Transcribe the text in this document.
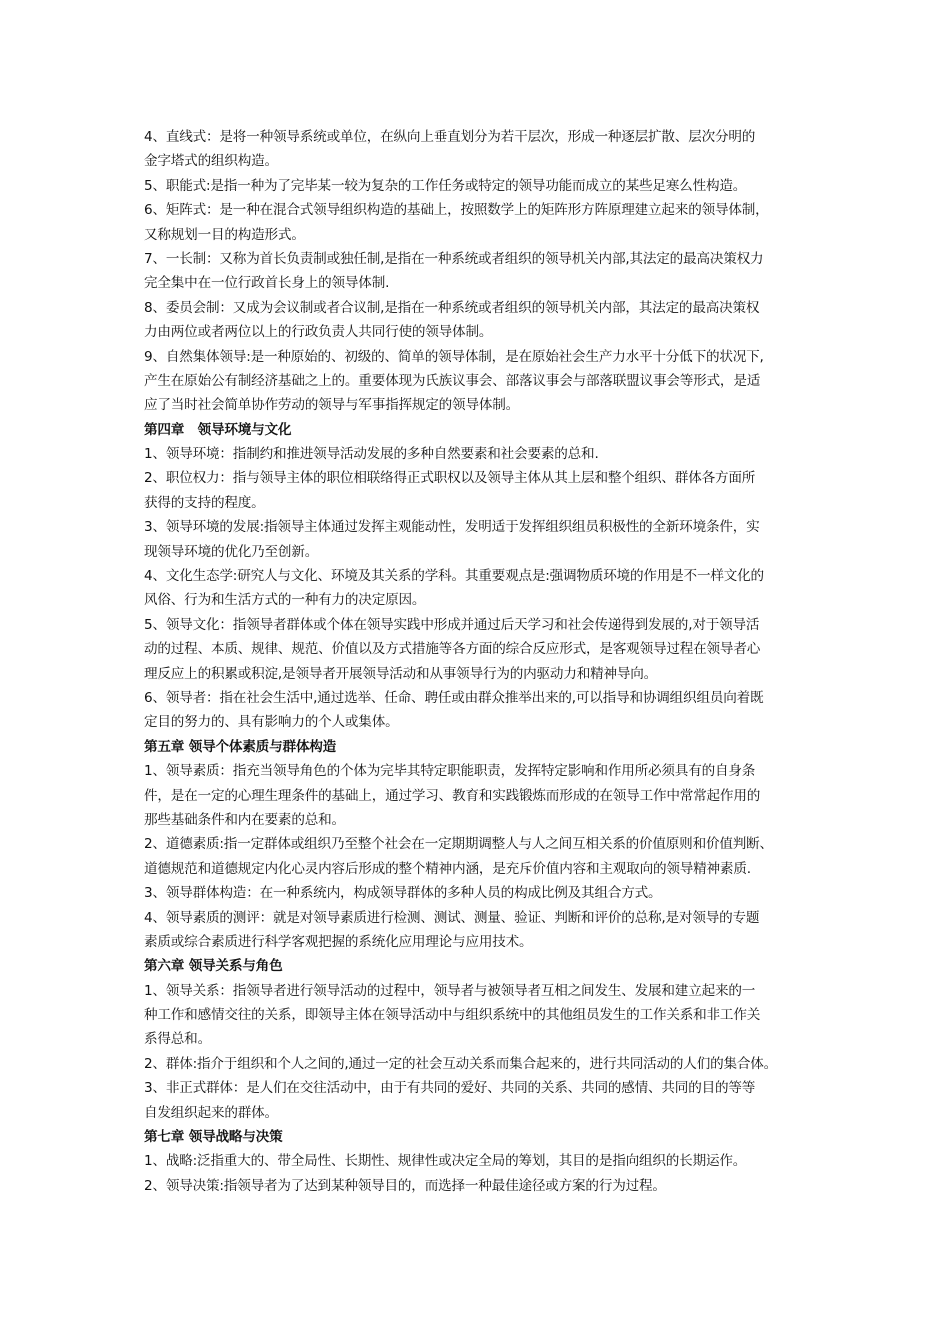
4、直线式：是将一种领导系统或单位，在纵向上垂直划分为若干层次，形成一种逐层扩散、层次分明的
金字塔式的组织构造。
5、职能式:是指一种为了完毕某一较为复杂的工作任务或特定的领导功能而成立的某些足寒么性构造。
6、矩阵式：是一种在混合式领导组织构造的基础上，按照数学上的矩阵形方阵原理建立起来的领导体制，
又称规划一目的构造形式。
7、一长制：又称为首长负责制或独任制,是指在一种系统或者组织的领导机关内部,其法定的最高决策权力
完全集中在一位行政首长身上的领导体制.
8、委员会制：又成为会议制或者合议制,是指在一种系统或者组织的领导机关内部，其法定的最高决策权
力由两位或者两位以上的行政负责人共同行使的领导体制。
9、自然集体领导:是一种原始的、初级的、简单的领导体制，是在原始社会生产力水平十分低下的状况下,
产生在原始公有制经济基础之上的。重要体现为氏族议事会、部落议事会与部落联盟议事会等形式，是适
应了当时社会简单协作劳动的领导与军事指挥规定的领导体制。
第四章　领导环境与文化
1、领导环境：指制约和推进领导活动发展的多种自然要素和社会要素的总和.
2、职位权力：指与领导主体的职位相联络得正式职权以及领导主体从其上层和整个组织、群体各方面所
获得的支持的程度。
3、领导环境的发展:指领导主体通过发挥主观能动性，发明适于发挥组织组员积极性的全新环境条件，实
现领导环境的优化乃至创新。
4、文化生态学:研究人与文化、环境及其关系的学科。其重要观点是:强调物质环境的作用是不一样文化的
风俗、行为和生活方式的一种有力的决定原因。
5、领导文化：指领导者群体或个体在领导实践中形成并通过后天学习和社会传递得到发展的,对于领导活
动的过程、本质、规律、规范、价值以及方式措施等各方面的综合反应形式，是客观领导过程在领导者心
理反应上的积累或积淀,是领导者开展领导活动和从事领导行为的内驱动力和精神导向。
6、领导者：指在社会生活中,通过选举、任命、聘任或由群众推举出来的,可以指导和协调组织组员向着既
定目的努力的、具有影响力的个人或集体。
第五章 领导个体素质与群体构造
1、领导素质：指充当领导角色的个体为完毕其特定职能职责，发挥特定影响和作用所必须具有的自身条
件，是在一定的心理生理条件的基础上，通过学习、教育和实践锻炼而形成的在领导工作中常常起作用的
那些基础条件和内在要素的总和。
2、道德素质:指一定群体或组织乃至整个社会在一定期期调整人与人之间互相关系的价值原则和价值判断、
道德规范和道德规定内化心灵内容后形成的整个精神内涵，是充斥价值内容和主观取向的领导精神素质.
3、领导群体构造：在一种系统内，构成领导群体的多种人员的构成比例及其组合方式。
4、领导素质的测评：就是对领导素质进行检测、测试、测量、验证、判断和评价的总称,是对领导的专题
素质或综合素质进行科学客观把握的系统化应用理论与应用技术。
第六章 领导关系与角色
1、领导关系：指领导者进行领导活动的过程中，领导者与被领导者互相之间发生、发展和建立起来的一
种工作和感情交往的关系，即领导主体在领导活动中与组织系统中的其他组员发生的工作关系和非工作关
系得总和。
2、群体:指介于组织和个人之间的,通过一定的社会互动关系而集合起来的，进行共同活动的人们的集合体。
3、非正式群体：是人们在交往活动中，由于有共同的爱好、共同的关系、共同的感情、共同的目的等等
自发组织起来的群体。
第七章 领导战略与决策
1、战略:泛指重大的、带全局性、长期性、规律性或决定全局的筹划，其目的是指向组织的长期运作。
2、领导决策:指领导者为了达到某种领导目的，而选择一种最佳途径或方案的行为过程。
